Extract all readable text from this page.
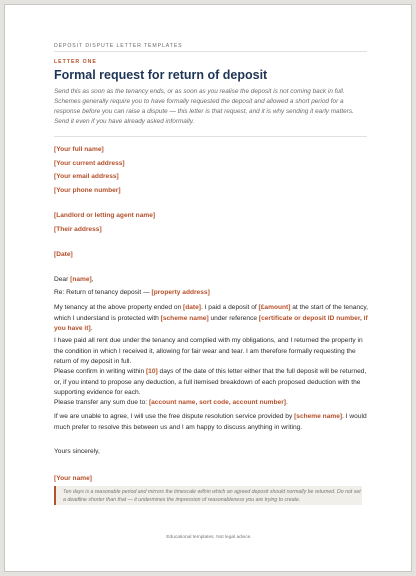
DEPOSIT DISPUTE LETTER TEMPLATES
LETTER ONE
Formal request for return of deposit
Send this as soon as the tenancy ends, or as soon as you realise the deposit is not coming back in full. Schemes generally require you to have formally requested the deposit and allowed a short period for a response before you can raise a dispute — this letter is that request, and it is why sending it early matters. Send it even if you have already asked informally.
[Your full name]
[Your current address]
[Your email address]
[Your phone number]
[Landlord or letting agent name]
[Their address]
[Date]
Dear [name],
Re: Return of tenancy deposit — [property address]
My tenancy at the above property ended on [date]. I paid a deposit of [£amount] at the start of the tenancy, which I understand is protected with [scheme name] under reference [certificate or deposit ID number, if you have it].
I have paid all rent due under the tenancy and complied with my obligations, and I returned the property in the condition in which I received it, allowing for fair wear and tear. I am therefore formally requesting the return of my deposit in full.
Please confirm in writing within [10] days of the date of this letter either that the full deposit will be returned, or, if you intend to propose any deduction, a full itemised breakdown of each proposed deduction with the supporting evidence for each.
Please transfer any sum due to: [account name, sort code, account number].
If we are unable to agree, I will use the free dispute resolution service provided by [scheme name]. I would much prefer to resolve this between us and I am happy to discuss anything in writing.
Yours sincerely,
[Your name]
Ten days is a reasonable period and mirrors the timescale within which an agreed deposit should normally be returned. Do not set a deadline shorter than that — it undermines the impression of reasonableness you are trying to create.
Educational templates. Not legal advice.
